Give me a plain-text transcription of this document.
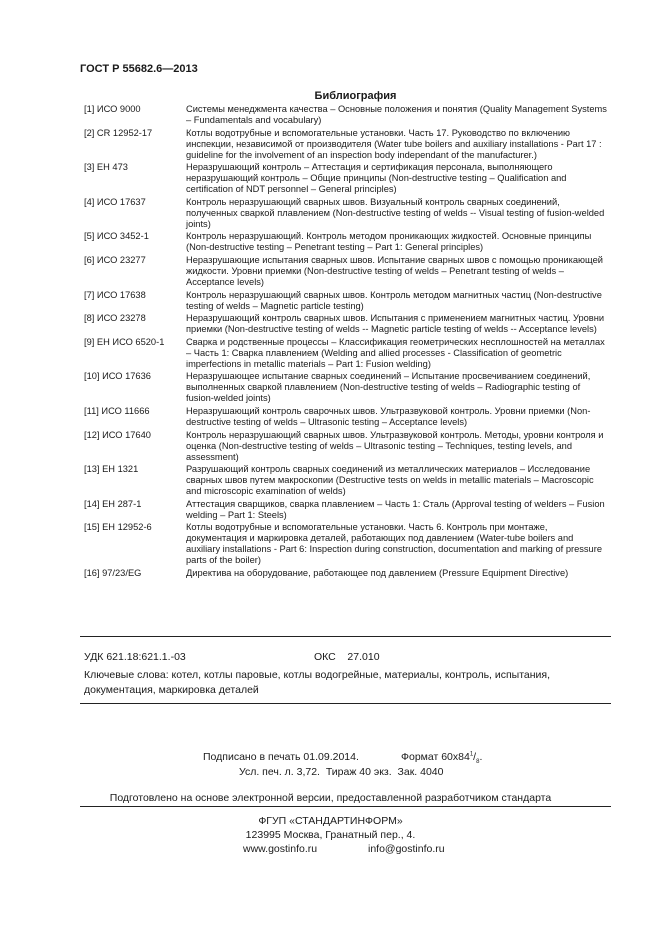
ГОСТ Р 55682.6—2013
Библиография
[1] ИСО 9000	Системы менеджмента качества – Основные положения и понятия (Quality Management Systems – Fundamentals and vocabulary)
[2] CR 12952-17	Котлы водотрубные и вспомогательные установки. Часть 17. Руководство по включению инспекции, независимой от производителя (Water tube boilers and auxiliary installations - Part 17 : guideline for the involvement of an inspection body independant of the manufacturer.)
[3] ЕН 473	Неразрушающий контроль – Аттестация и сертификация персонала, выполняющего неразрушающий контроль – Общие принципы (Non-destructive testing – Qualification and certification of NDT personnel – General principles)
[4] ИСО 17637	Контроль неразрушающий сварных швов. Визуальный контроль сварных соединений, полученных сваркой плавлением (Non-destructive testing of welds -- Visual testing of fusion-welded joints)
[5] ИСО 3452-1	Контроль неразрушающий. Контроль методом проникающих жидкостей. Основные принципы (Non-destructive testing – Penetrant testing – Part 1: General principles)
[6] ИСО 23277	Неразрушающие испытания сварных швов. Испытание сварных швов с помощью проникающей жидкости. Уровни приемки (Non-destructive testing of welds – Penetrant testing of welds – Acceptance levels)
[7] ИСО 17638	Контроль неразрушающий сварных швов. Контроль методом магнитных частиц (Non-destructive testing of welds – Magnetic particle testing)
[8] ИСО 23278	Неразрушающий контроль сварных швов. Испытания с применением магнитных частиц. Уровни приемки (Non-destructive testing of welds -- Magnetic particle testing of welds -- Acceptance levels)
[9] ЕН ИСО 6520-1	Сварка и родственные процессы – Классификация геометрических несплошностей на металлах – Часть 1: Сварка плавлением (Welding and allied processes - Classification of geometric imperfections in metallic materials – Part 1: Fusion welding)
[10] ИСО 17636	Неразрушающее испытание сварных соединений – Испытание просвечиванием соединений, выполненных сваркой плавлением (Non-destructive testing of welds – Radiographic testing of fusion-welded joints)
[11] ИСО 11666	Неразрушающий контроль сварочных швов. Ультразвуковой контроль. Уровни приемки (Non-destructive testing of welds – Ultrasonic testing – Acceptance levels)
[12] ИСО 17640	Контроль неразрушающий сварных швов. Ультразвуковой контроль. Методы, уровни контроля и оценка (Non-destructive testing of welds – Ultrasonic testing – Techniques, testing levels, and assessment)
[13] ЕН 1321	Разрушающий контроль сварных соединений из металлических материалов – Исследование сварных швов путем макроскопии (Destructive tests on welds in metallic materials – Macroscopic and microscopic examination of welds)
[14] ЕН 287-1	Аттестация сварщиков, сварка плавлением – Часть 1: Сталь (Approval testing of welders – Fusion welding – Part 1: Steels)
[15] ЕН 12952-6	Котлы водотрубные и вспомогательные установки. Часть 6. Контроль при монтаже, документация и маркировка деталей, работающих под давлением (Water-tube boilers and auxiliary installations - Part 6: Inspection during construction, documentation and marking of pressure parts of the boiler)
[16] 97/23/EG	Директива на оборудование, работающее под давлением (Pressure Equipment Directive)
УДК 621.18:621.1.-03	ОКС 27.010
Ключевые слова: котел, котлы паровые, котлы водогрейные, материалы, контроль, испытания, документация, маркировка деталей
Подписано в печать 01.09.2014.	Формат $60х84^1/_8$.
Усл. печ. л. 3,72. Тираж 40 экз. Зак. 4040
Подготовлено на основе электронной версии, предоставленной разработчиком стандарта
ФГУП «СТАНДАРТИНФОРМ»
123995 Москва, Гранатный пер., 4.
www.gostinfo.ru	info@gostinfo.ru
